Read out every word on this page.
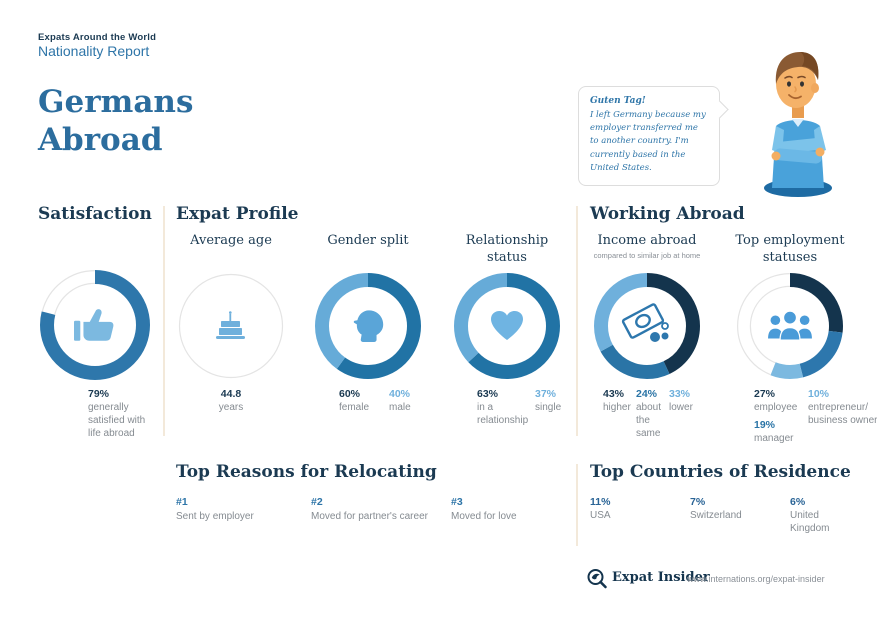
Expats Around the World
Nationality Report
Germans Abroad
Guten Tag!
I left Germany because my employer transferred me to another country. I'm currently based in the United States.
Satisfaction Expat Profile	Working Abroad
Average age	Gender split	Relationship status
Income abroad
compared to similar job at home
Top employment statuses
79%
generally satisfied with life abroad
44.8
years
60%
female
40%
male
63%
in a relationship
37%
single
43%
higher
24%
about the same
33%
lower
27%
employee
19%
manager
10%
entrepreneur/ business owner
Top Reasons for Relocating	Top Countries of Residence
#1
Sent by employer
#2
Moved for partner's career
#3
Moved for love
11%
USA
7%
Switzerland
6%
United Kingdom
Expat Insider
www.internations.org/expat-insider
